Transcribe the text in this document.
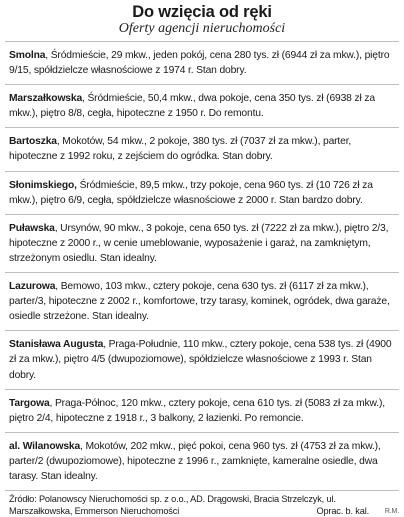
Do wzięcia od ręki
Oferty agencji nieruchomości
Smolna, Śródmieście, 29 mkw., jeden pokój, cena 280 tys. zł (6944 zł za mkw.), piętro 9/15, spółdzielcze własnościowe z 1974 r. Stan dobry.
Marszałkowska, Śródmieście, 50,4 mkw., dwa pokoje, cena 350 tys. zł (6938 zł za mkw.), piętro 8/8, cegła, hipoteczne z 1950 r. Do remontu.
Bartoszka, Mokotów, 54 mkw., 2 pokoje, 380 tys. zł (7037 zł za mkw.), parter, hipoteczne z 1992 roku, z zejściem do ogródka. Stan dobry.
Słonimskiego, Śródmieście, 89,5 mkw., trzy pokoje, cena 960 tys. zł (10 726 zł za mkw.), piętro 6/9, cegła, spółdzielcze własnościowe z 2000 r. Stan bardzo dobry.
Puławska, Ursynów, 90 mkw., 3 pokoje, cena 650 tys. zł (7222 zł za mkw.), piętro 2/3, hipoteczne z 2000 r., w cenie umeblowanie, wyposażenie i garaż, na zamkniętym, strzeżonym osiedlu. Stan idealny.
Lazurowa, Bemowo, 103 mkw., cztery pokoje, cena 630 tys. zł (6117 zł za mkw.), parter/3, hipoteczne z 2002 r., komfortowe, trzy tarasy, kominek, ogródek, dwa garaże, osiedle strzeżone. Stan idealny.
Stanisława Augusta, Praga-Południe, 110 mkw., cztery pokoje, cena 538 tys. zł (4900 zł za mkw.), piętro 4/5 (dwupoziomowe), spółdzielcze własnościowe z 1993 r. Stan dobry.
Targowa, Praga-Północ, 120 mkw., cztery pokoje, cena 610 tys. zł (5083 zł za mkw.), piętro 2/4, hipoteczne z 1918 r., 3 balkony, 2 łazienki. Po remoncie.
al. Wilanowska, Mokotów, 202 mkw., pięć pokoi, cena 960 tys. zł (4753 zł za mkw.), parter/2 (dwupoziomowe), hipoteczne z 1996 r., zamknięte, kameralne osiedle, dwa tarasy. Stan idealny.
Źródło: Polanowscy Nieruchomości sp. z o.o., AD. Drągowski, Bracia Strzelczyk, ul. Marszałkowska, Emmerson Nieruchomości	Oprac. b. kal. R.M.
